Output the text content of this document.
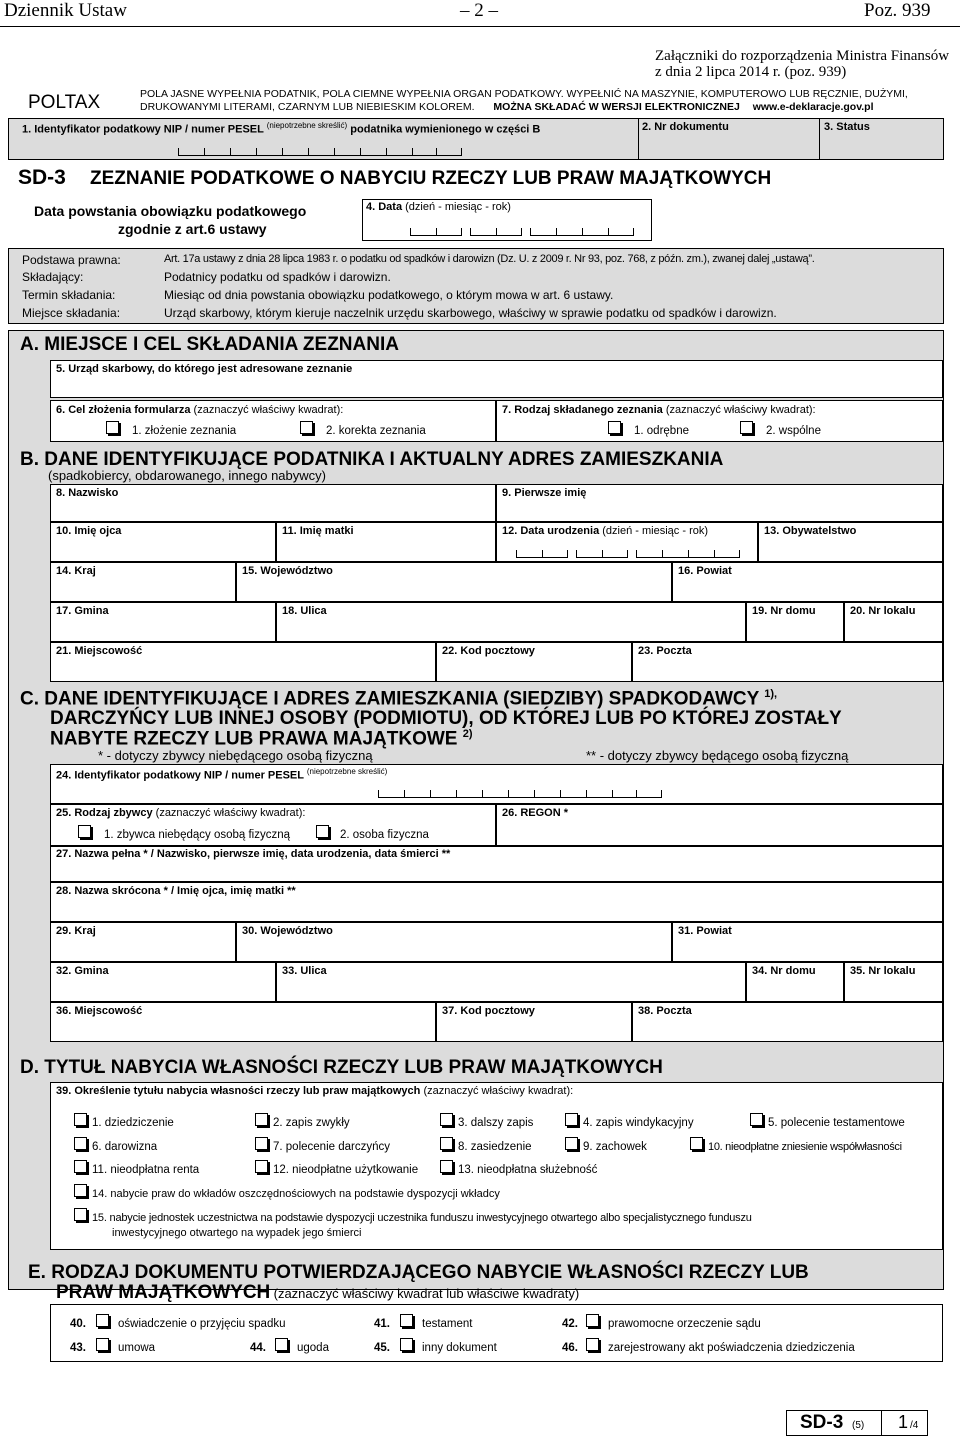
Dziennik Ustaw	– 2 –	Poz. 939
Załączniki do rozporządzenia Ministra Finansów
z dnia 2 lipca 2014 r. (poz. 939)
POLTAX	POLA JASNE WYPEŁNIA PODATNIK, POLA CIEMNE WYPEŁNIA ORGAN PODATKOWY. WYPEŁNIĆ NA MASZYNIE, KOMPUTEROWO LUB RĘCZNIE, DUŻYMI,
DRUKOWANYMI LITERAMI, CZARNYM LUB NIEBIESKIM KOLOREM. MOŻNA SKŁADAĆ W WERSJI ELEKTRONICZNEJ www.e-deklaracje.gov.pl
1. Identyfikator podatkowy NIP / numer PESEL $^{(niepotrzebne skreślić)}$ podatnika wymienionego w części B	2. Nr dokumentu	3. Status
SD-3 ZEZNANIE PODATKOWE O NABYCIU RZECZY LUB PRAW MAJĄTKOWYCH
Data powstania obowiązku podatkowego
zgodnie z art.6 ustawy
4. Data (dzień - miesiąc - rok)
Podstawa prawna:	Art. 17a ustawy z dnia 28 lipca 1983 r. o podatku od spadków i darowizn (Dz. U. z 2009 r. Nr 93, poz. 768, z późn. zm.), zwanej dalej „ustawą”.
Składający:	Podatnicy podatku od spadków i darowizn.
Termin składania:	Miesiąc od dnia powstania obowiązku podatkowego, o którym mowa w art. 6 ustawy.
Miejsce składania:	Urząd skarbowy, którym kieruje naczelnik urzędu skarbowego, właściwy w sprawie podatku od spadków i darowizn.
A. MIEJSCE I CEL SKŁADANIA ZEZNANIA
5. Urząd skarbowy, do którego jest adresowane zeznanie
6. Cel złożenia formularza (zaznaczyć właściwy kwadrat):
1. złożenie zeznania	2. korekta zeznania
7. Rodzaj składanego zeznania (zaznaczyć właściwy kwadrat):
1. odrębne	2. wspólne
B. DANE IDENTYFIKUJĄCE PODATNIKA I AKTUALNY ADRES ZAMIESZKANIA
(spadkobiercy, obdarowanego, innego nabywcy)
8. Nazwisko	9. Pierwsze imię
10. Imię ojca	11. Imię matki	12. Data urodzenia (dzień - miesiąc - rok)	13. Obywatelstwo
14. Kraj	15. Województwo	16. Powiat
17. Gmina	18. Ulica	19. Nr domu	20. Nr lokalu
21. Miejscowość	22. Kod pocztowy	23. Poczta
C. DANE IDENTYFIKUJĄCE I ADRES ZAMIESZKANIA (SIEDZIBY) SPADKODAWCY $^{1),}$
DARCZYŃCY LUB INNEJ OSOBY (PODMIOTU), OD KTÓREJ LUB PO KTÓREJ ZOSTAŁY
NABYTE RZECZY LUB PRAWA MAJĄTKOWE $^{2)}$
* - dotyczy zbywcy niebędącego osobą fizyczną	** - dotyczy zbywcy będącego osobą fizyczną
24. Identyfikator podatkowy NIP / numer PESEL $^{(niepotrzebne skreślić)}$
25. Rodzaj zbywcy (zaznaczyć właściwy kwadrat):
1. zbywca niebędący osobą fizyczną	2. osoba fizyczna
26. REGON *
27. Nazwa pełna * / Nazwisko, pierwsze imię, data urodzenia, data śmierci **
28. Nazwa skrócona * / Imię ojca, imię matki **
29. Kraj	30. Województwo	31. Powiat
32. Gmina	33. Ulica	34. Nr domu	35. Nr lokalu
36. Miejscowość	37. Kod pocztowy	38. Poczta
D. TYTUŁ NABYCIA WŁASNOŚCI RZECZY LUB PRAW MAJĄTKOWYCH
39. Określenie tytułu nabycia własności rzeczy lub praw majątkowych (zaznaczyć właściwy kwadrat):
1. dziedziczenie	2. zapis zwykły	3. dalszy zapis	4. zapis windykacyjny	5. polecenie testamentowe
6. darowizna	7. polecenie darczyńcy	8. zasiedzenie	9. zachowek	10. nieodpłatne zniesienie współwłasności
11. nieodpłatna renta	12. nieodpłatne użytkowanie	13. nieodpłatna służebność
14. nabycie praw do wkładów oszczędnościowych na podstawie dyspozycji wkładcy
15. nabycie jednostek uczestnictwa na podstawie dyspozycji uczestnika funduszu inwestycyjnego otwartego albo specjalistycznego funduszu
inwestycyjnego otwartego na wypadek jego śmierci
E. RODZAJ DOKUMENTU POTWIERDZAJĄCEGO NABYCIE WŁASNOŚCI RZECZY LUB
PRAW MAJĄTKOWYCH (zaznaczyć właściwy kwadrat lub właściwe kwadraty)
40.	oświadczenie o przyjęciu spadku	41.	testament	42.	prawomocne orzeczenie sądu
43.	umowa	44.	ugoda	45.	inny dokument	46.	zarejestrowany akt poświadczenia dziedziczenia
SD-3 (5) 1 /4
